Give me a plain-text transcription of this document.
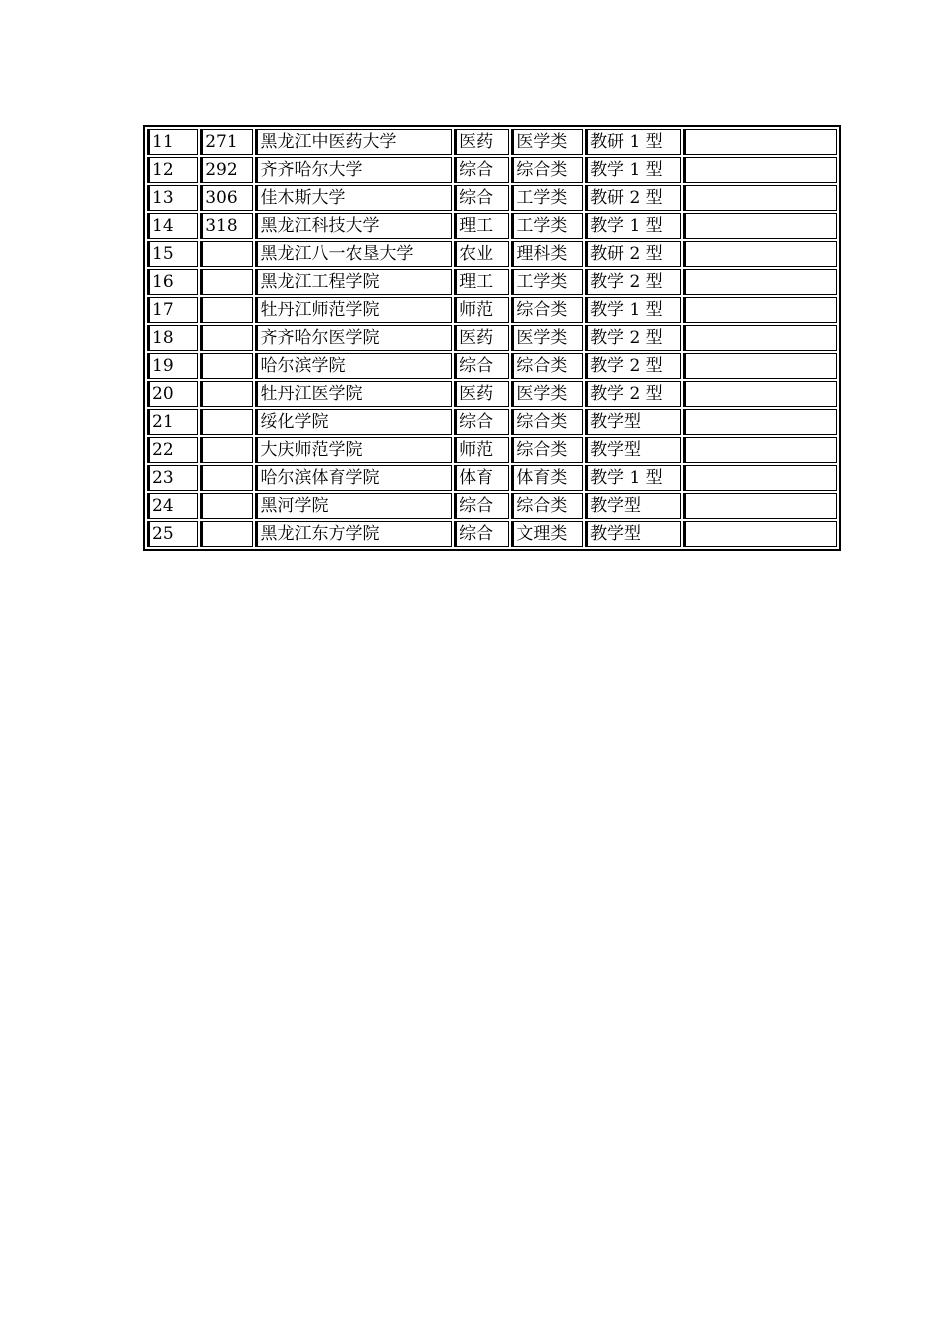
11	271	黑龙江中医药大学	医药	医学类	教研 1 型	
12	292	齐齐哈尔大学	综合	综合类	教学 1 型	
13	306	佳木斯大学	综合	工学类	教研 2 型	
14	318	黑龙江科技大学	理工	工学类	教学 1 型	
15		黑龙江八一农垦大学	农业	理科类	教研 2 型	
16		黑龙江工程学院	理工	工学类	教学 2 型	
17		牡丹江师范学院	师范	综合类	教学 1 型	
18		齐齐哈尔医学院	医药	医学类	教学 2 型	
19		哈尔滨学院	综合	综合类	教学 2 型	
20		牡丹江医学院	医药	医学类	教学 2 型	
21		绥化学院	综合	综合类	教学型	
22		大庆师范学院	师范	综合类	教学型	
23		哈尔滨体育学院	体育	体育类	教学 1 型	
24		黑河学院	综合	综合类	教学型	
25		黑龙江东方学院	综合	文理类	教学型	
